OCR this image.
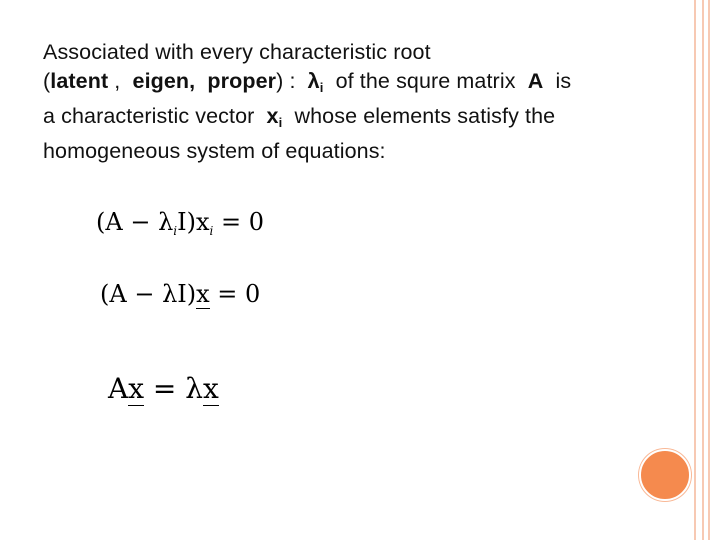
Associated with every characteristic root
(latent ,  eigen, proper) :  $\lambda_i$  of the squre matrix  A  is
a characteristic vector  $x_i$  whose elements satisfy the
homogeneous system of equations:
$(A - \lambda_iI)x_i = 0$
(A − λI)x = 0
Ax = λx
